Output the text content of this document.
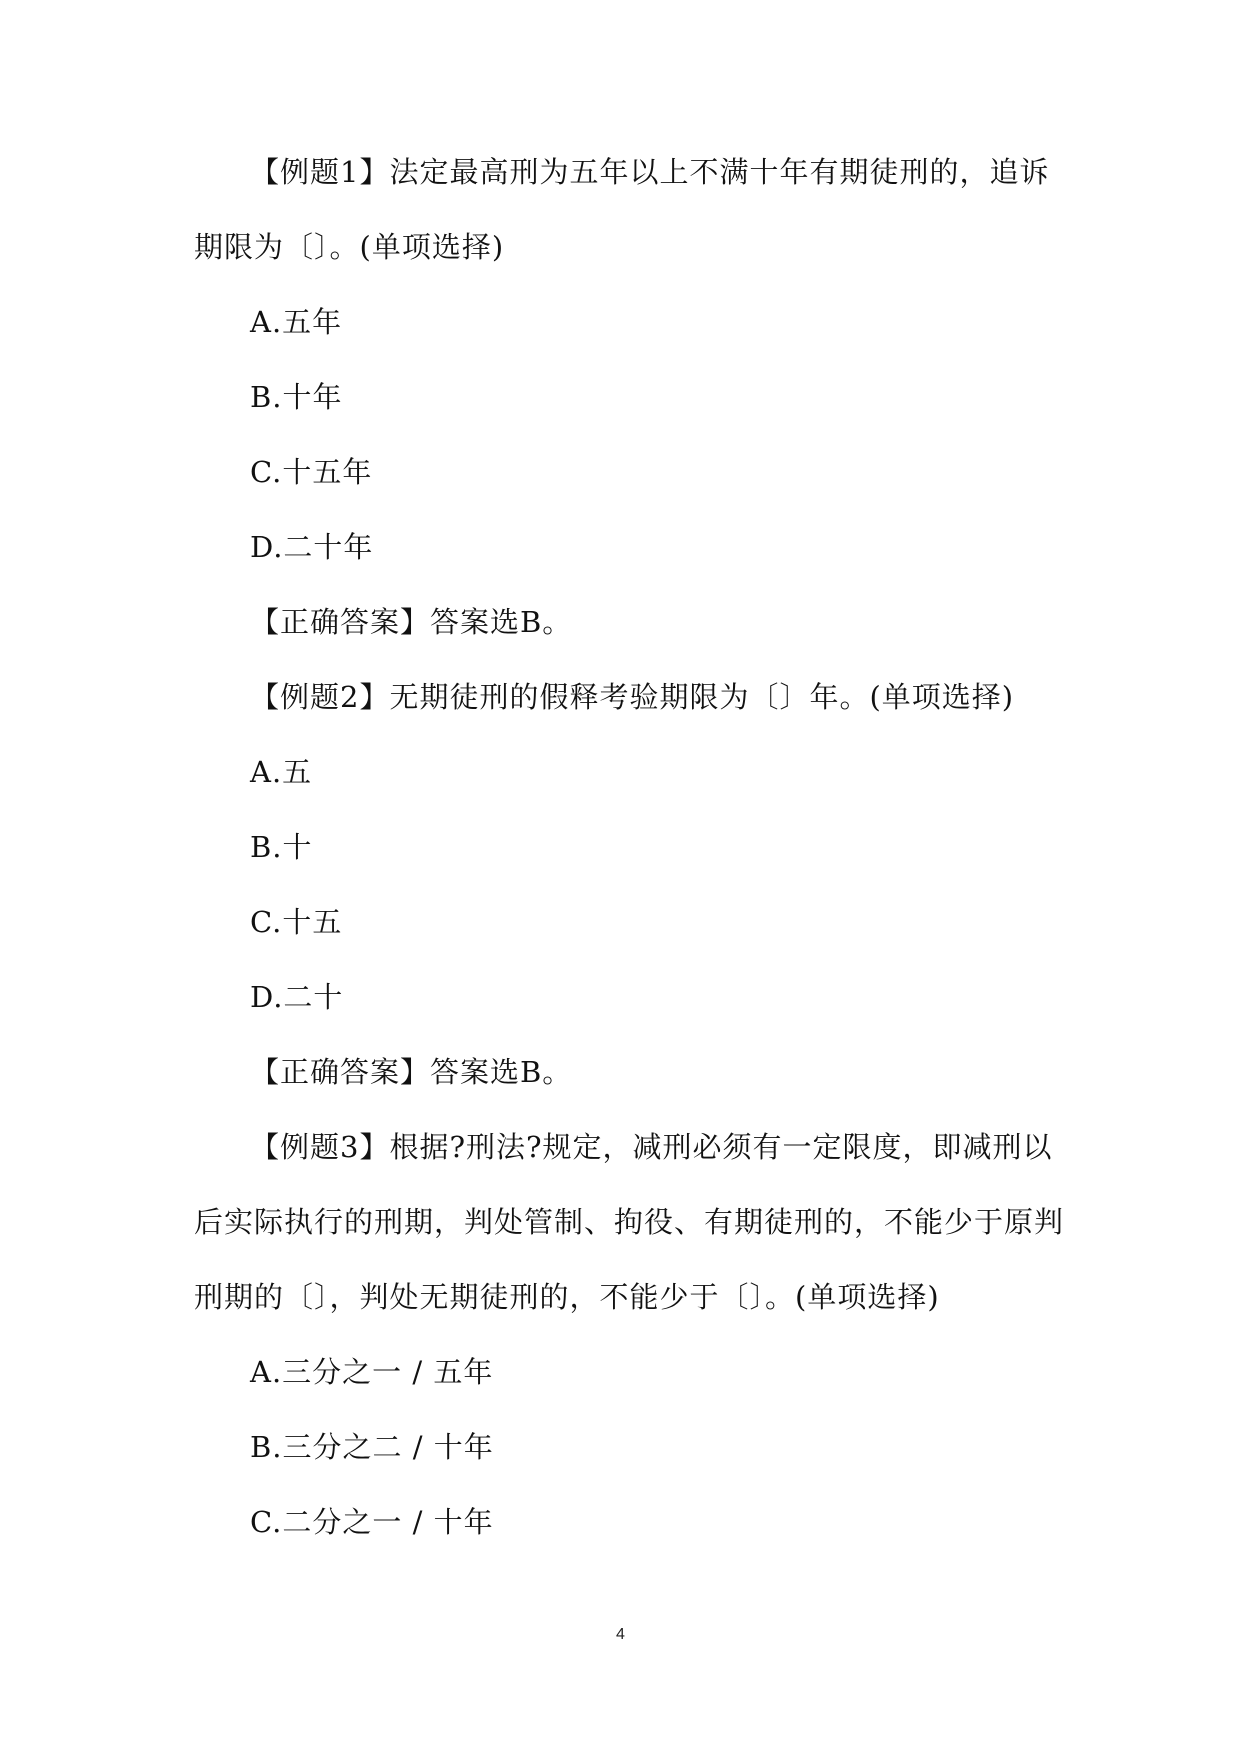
【例题1】法定最高刑为五年以上不满十年有期徒刑的，追诉
期限为〔〕。(单项选择)
A.五年
B.十年
C.十五年
D.二十年
【正确答案】答案选B。
【例题2】无期徒刑的假释考验期限为〔〕年。(单项选择)
A.五
B.十
C.十五
D.二十
【正确答案】答案选B。
【例题3】根据?刑法?规定，减刑必须有一定限度，即减刑以
后实际执行的刑期，判处管制、拘役、有期徒刑的，不能少于原判
刑期的〔〕，判处无期徒刑的，不能少于〔〕。(单项选择)
A.三分之一 / 五年
B.三分之二 / 十年
C.二分之一 / 十年
4
